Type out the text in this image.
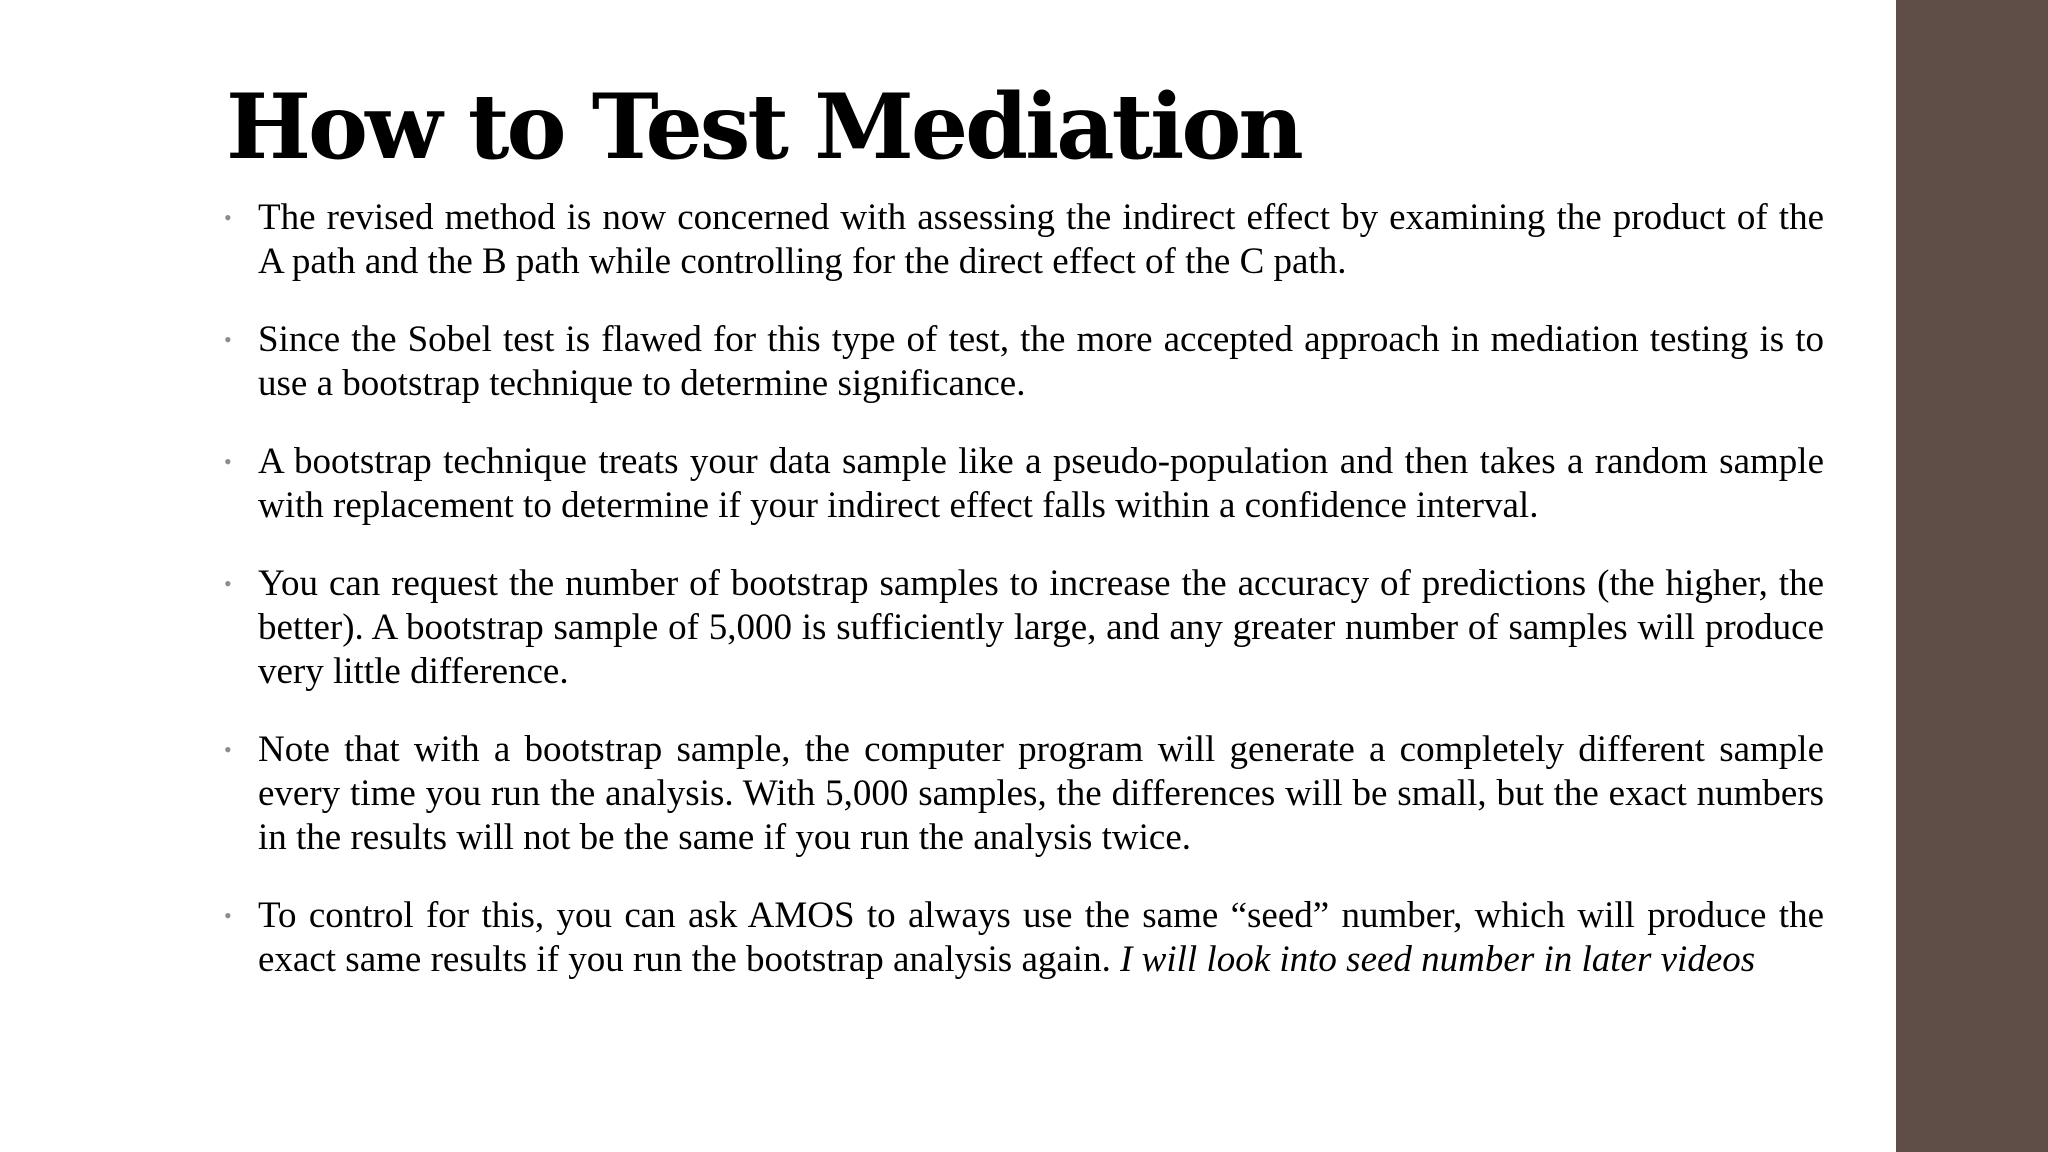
How to Test Mediation
• The revised method is now concerned with assessing the indirect effect by examining the product of the A path and the B path while controlling for the direct effect of the C path.
• Since the Sobel test is flawed for this type of test, the more accepted approach in mediation testing is to use a bootstrap technique to determine significance.
• A bootstrap technique treats your data sample like a pseudo-population and then takes a random sample with replacement to determine if your indirect effect falls within a confidence interval.
• You can request the number of bootstrap samples to increase the accuracy of predictions (the higher, the better). A bootstrap sample of 5,000 is sufficiently large, and any greater number of samples will produce very little difference.
• Note that with a bootstrap sample, the computer program will generate a completely different sample every time you run the analysis. With 5,000 samples, the differences will be small, but the exact numbers in the results will not be the same if you run the analysis twice.
• To control for this, you can ask AMOS to always use the same “seed” number, which will produce the exact same results if you run the bootstrap analysis again. I will look into seed number in later videos
